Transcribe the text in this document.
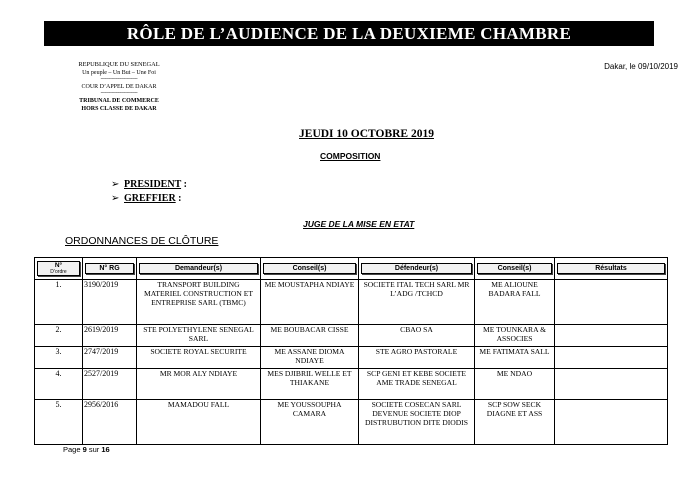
RÔLE DE L’AUDIENCE DE LA DEUXIEME CHAMBRE
REPUBLIQUE DU SENEGAL
Un peuple – Un But – Une Foi
---------------------------
COUR D’APPEL DE DAKAR
---------------------------
TRIBUNAL DE COMMERCE
HORS CLASSE DE DAKAR
Dakar, le 09/10/2019
JEUDI 10 OCTOBRE 2019
COMPOSITION
➢ PRESIDENT :
➢ GREFFIER :
JUGE DE LA MISE EN ETAT
ORDONNANCES DE CLÔTURE
N°
D’ordre	N° RG	Demandeur(s)	Conseil(s)	Défendeur(s)	Conseil(s)	Résultats

1.	3190/2019	TRANSPORT BUILDING MATERIEL CONSTRUCTION ET ENTREPRISE SARL (TBMC)	ME MOUSTAPHA NDIAYE	SOCIETE ITAL TECH SARL MR L’ADG /TCHCD	ME ALIOUNE BADARA FALL	
2.	2619/2019	STE POLYETHYLENE SENEGAL SARL	ME BOUBACAR CISSE	CBAO SA	ME TOUNKARA & ASSOCIES	
3.	2747/2019	SOCIETE ROYAL SECURITE	ME ASSANE DIOMA NDIAYE	STE AGRO PASTORALE	ME FATIMATA SALL	
4.	2527/2019	MR MOR ALY NDIAYE	MES DJIBRIL WELLE ET THIAKANE	SCP GENI ET KEBE SOCIETE AME TRADE SENEGAL	ME NDAO	
5.	2956/2016	MAMADOU FALL	ME YOUSSOUPHA CAMARA	SOCIETE COSECAN SARL DEVENUE SOCIETE DIOP DISTRUBUTION DITE DIODIS	SCP SOW SECK DIAGNE ET ASS	
Page 9 sur 16
